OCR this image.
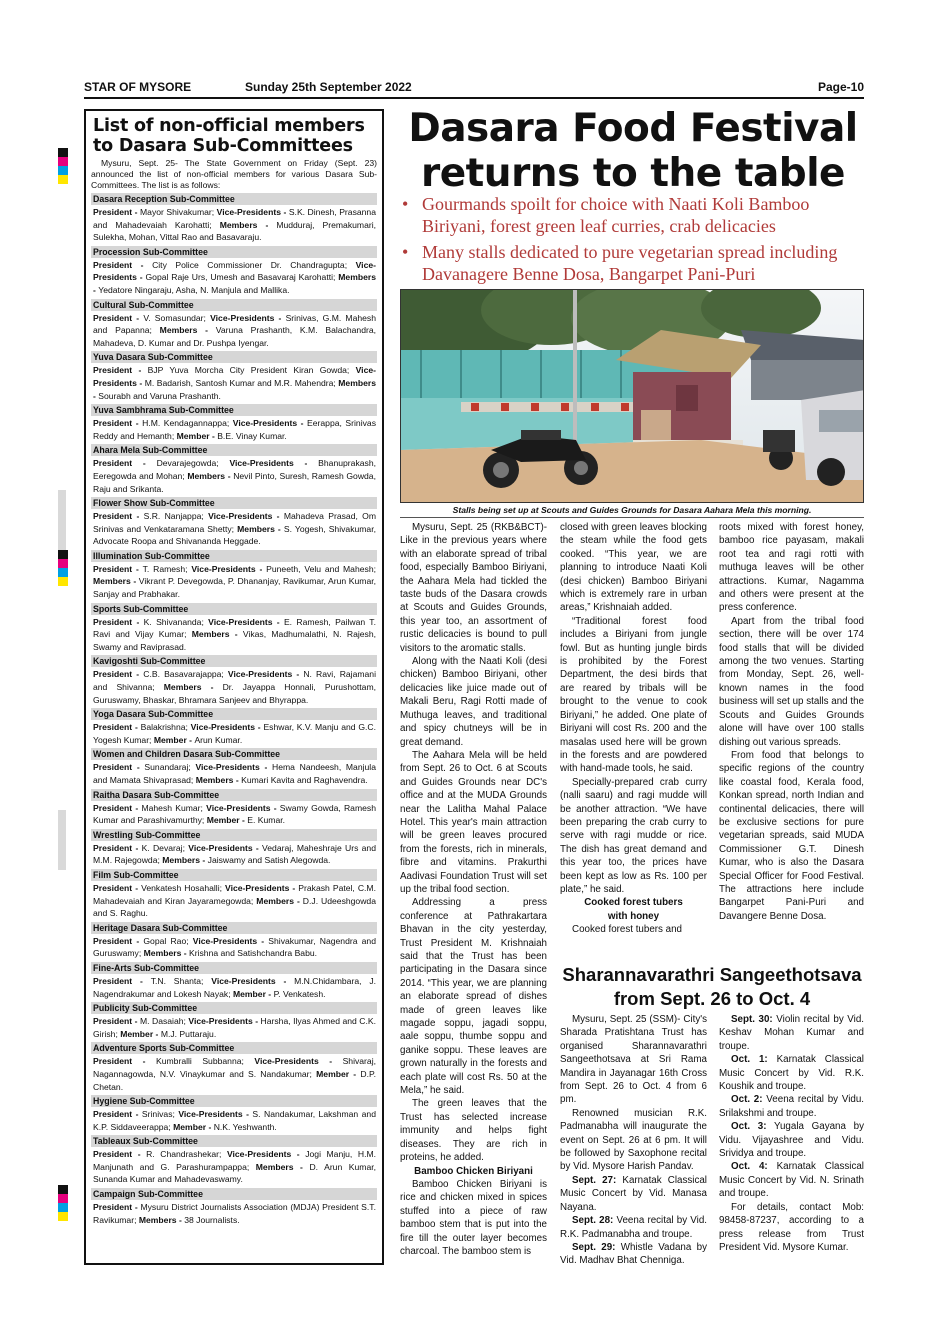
STAR OF MYSORE	Sunday 25th September 2022	Page-10
List of non-official members
to Dasara Sub-Committees

Mysuru, Sept. 25- The State Government on Friday (Sept. 23) announced the list of non-official members for various Dasara Sub-Committees. The list is as follows:

Dasara Reception Sub-Committee
President - Mayor Shivakumar; Vice-Presidents - S.K. Dinesh, Prasanna and Mahadevaiah Karohatti; Members - Mudduraj, Premakumari, Sulekha, Mohan, Vittal Rao and Basavaraju.
Procession Sub-Committee
President - City Police Commissioner Dr. Chandragupta; Vice-Presidents - Gopal Raje Urs, Umesh and Basavaraj Karohatti; Members - Yedatore Ningaraju, Asha, N. Manjula and Mallika.
Cultural Sub-Committee
President - V. Somasundar; Vice-Presidents - Srinivas, G.M. Mahesh and Papanna; Members - Varuna Prashanth, K.M. Balachandra, Mahadeva, D. Kumar and Dr. Pushpa Iyengar.
Yuva Dasara Sub-Committee
President - BJP Yuva Morcha City President Kiran Gowda; Vice-Presidents - M. Badarish, Santosh Kumar and M.R. Mahendra; Members - Sourabh and Varuna Prashanth.
Yuva Sambhrama Sub-Committee
President - H.M. Kendagannappa; Vice-Presidents - Eerappa, Srinivas Reddy and Hemanth; Member - B.E. Vinay Kumar.
Ahara Mela Sub-Committee
President - Devarajegowda; Vice-Presidents - Bhanuprakash, Eeregowda and Mohan; Members - Nevil Pinto, Suresh, Ramesh Gowda, Raju and Srikanta.
Flower Show Sub-Committee
President - S.R. Nanjappa; Vice-Presidents - Mahadeva Prasad, Om Srinivas and Venkataramana Shetty; Members - S. Yogesh, Shivakumar, Advocate Roopa and Shivananda Heggade.
Illumination Sub-Committee
President - T. Ramesh; Vice-Presidents - Puneeth, Velu and Mahesh; Members - Vikrant P. Devegowda, P. Dhananjay, Ravikumar, Arun Kumar, Sanjay and Prabhakar.
Sports Sub-Committee
President - K. Shivananda; Vice-Presidents - E. Ramesh, Pailwan T. Ravi and Vijay Kumar; Members - Vikas, Madhumalathi, N. Rajesh, Swamy and Raviprasad.
Kavigoshti Sub-Committee
President - C.B. Basavarajappa; Vice-Presidents - N. Ravi, Rajamani and Shivanna; Members - Dr. Jayappa Honnali, Purushottam, Guruswamy, Bhaskar, Bhramara Sanjeev and Bhyrappa.
Yoga Dasara Sub-Committee
President - Balakrishna; Vice-Presidents - Eshwar, K.V. Manju and G.C. Yogesh Kumar; Member - Arun Kumar.
Women and Children Dasara Sub-Committee
President - Sunandaraj; Vice-Presidents - Hema Nandeesh, Manjula and Mamata Shivaprasad; Members - Kumari Kavita and Raghavendra.
Raitha Dasara Sub-Committee
President - Mahesh Kumar; Vice-Presidents - Swamy Gowda, Ramesh Kumar and Parashivamurthy; Member - E. Kumar.
Wrestling Sub-Committee
President - K. Devaraj; Vice-Presidents - Vedaraj, Maheshraje Urs and M.M. Rajegowda; Members - Jaiswamy and Satish Alegowda.
Film Sub-Committee
President - Venkatesh Hosahalli; Vice-Presidents - Prakash Patel, C.M. Mahadevaiah and Kiran Jayaramegowda; Members - D.J. Udeeshgowda and S. Raghu.
Heritage Dasara Sub-Committee
President - Gopal Rao; Vice-Presidents - Shivakumar, Nagendra and Guruswamy; Members - Krishna and Satishchandra Babu.
Fine-Arts Sub-Committee
President - T.N. Shanta; Vice-Presidents - M.N.Chidambara, J. Nagendrakumar and Lokesh Nayak; Member - P. Venkatesh.
Publicity Sub-Committee
President - M. Dasaiah; Vice-Presidents - Harsha, Ilyas Ahmed and C.K. Girish; Member - M.J. Puttaraju.
Adventure Sports Sub-Committee
President - Kumbralli Subbanna; Vice-Presidents - Shivaraj, Nagannagowda, N.V. Vinaykumar and S. Nandakumar; Member - D.P. Chetan.
Hygiene Sub-Committee
President - Srinivas; Vice-Presidents - S. Nandakumar, Lakshman and K.P. Siddaveerappa; Member - N.K. Yeshwanth.
Tableaux Sub-Committee
President - R. Chandrashekar; Vice-Presidents - Jogi Manju, H.M. Manjunath and G. Parashurampappa; Members - D. Arun Kumar, Sunanda Kumar and Mahadevaswamy.
Campaign Sub-Committee
President - Mysuru District Journalists Association (MDJA) President S.T. Ravikumar; Members - 38 Journalists.
Dasara Food Festival
returns to the table
• Gourmands spoilt for choice with Naati Koli Bamboo Biriyani, forest green leaf curries, crab delicacies
• Many stalls dedicated to pure vegetarian spread including Davanagere Benne Dosa, Bangarpet Pani-Puri
Stalls being set up at Scouts and Guides Grounds for Dasara Aahara Mela this morning.

Mysuru, Sept. 25 (RKB&BCT)- Like in the previous years where with an elaborate spread of tribal food, especially Bamboo Biriyani, the Aahara Mela had tickled the taste buds of the Dasara crowds at Scouts and Guides Grounds, this year too, an assortment of rustic delicacies is bound to pull visitors to the aromatic stalls.

Along with the Naati Koli (desi chicken) Bamboo Biriyani, other delicacies like juice made out of Makali Beru, Ragi Rotti made of Muthuga leaves, and traditional and spicy chutneys will be in great demand.

The Aahara Mela will be held from Sept. 26 to Oct. 6 at Scouts and Guides Grounds near DC's office and at the MUDA Grounds near the Lalitha Mahal Palace Hotel. This year's main attraction will be green leaves procured from the forests, rich in minerals, fibre and vitamins. Prakurthi Aadivasi Foundation Trust will set up the tribal food section.

Addressing a press conference at Pathrakartara Bhavan in the city yesterday, Trust President M. Krishnaiah said that the Trust has been participating in the Dasara since 2014. “This year, we are planning an elaborate spread of dishes made of green leaves like magade soppu, jagadi soppu, aale soppu, thumbe soppu and ganike soppu. These leaves are grown naturally in the forests and each plate will cost Rs. 50 at the Mela,” he said.

The green leaves that the Trust has selected increase immunity and helps fight diseases. They are rich in proteins, he added.

Bamboo Chicken Biriyani

Bamboo Chicken Biriyani is rice and chicken mixed in spices stuffed into a piece of raw bamboo stem that is put into the fire till the outer layer becomes charcoal. The bamboo stem is

closed with green leaves blocking the steam while the food gets cooked. “This year, we are planning to introduce Naati Koli (desi chicken) Bamboo Biriyani which is extremely rare in urban areas,” Krishnaiah added.

“Traditional forest food includes a Biriyani from jungle fowl. But as hunting jungle birds is prohibited by the Forest Department, the desi birds that are reared by tribals will be brought to the venue to cook Biriyani,” he added. One plate of Biriyani will cost Rs. 200 and the masalas used here will be grown in the forests and are powdered with hand-made tools, he said.

Specially-prepared crab curry (nalli saaru) and ragi mudde will be another attraction. “We have been preparing the crab curry to serve with ragi mudde or rice. The dish has great demand and this year too, the prices have been kept as low as Rs. 100 per plate,” he said.

Cooked forest tubers

with honey

Cooked forest tubers and

roots mixed with forest honey, bamboo rice payasam, makali root tea and ragi rotti with muthuga leaves will be other attractions. Kumar, Nagamma and others were present at the press conference.

Apart from the tribal food section, there will be over 174 food stalls that will be divided among the two venues. Starting from Monday, Sept. 26, well-known names in the food business will set up stalls and the Scouts and Guides Grounds alone will have over 100 stalls dishing out various spreads.

From food that belongs to specific regions of the country like coastal food, Kerala food, Konkan spread, north Indian and continental delicacies, there will be exclusive sections for pure vegetarian spreads, said MUDA Commissioner G.T. Dinesh Kumar, who is also the Dasara Special Officer for Food Festival. The attractions here include Bangarpet Pani-Puri and Davangere Benne Dosa.

Sharannavarathri Sangeethotsava
from Sept. 26 to Oct. 4

Mysuru, Sept. 25 (SSM)- City's Sharada Pratishtana Trust has organised Sharannavarathri Sangeethotsava at Sri Rama Mandira in Jayanagar 16th Cross from Sept. 26 to Oct. 4 from 6 pm.

Renowned musician R.K. Padmanabha will inaugurate the event on Sept. 26 at 6 pm. It will be followed by Saxophone recital by Vid. Mysore Harish Pandav.

Sept. 27: Karnatak Classical Music Concert by Vid. Manasa Nayana.

Sept. 28: Veena recital by Vid. R.K. Padmanabha and troupe.

Sept. 29: Whistle Vadana by Vid. Madhav Bhat Chenniga.

Sept. 30: Violin recital by Vid. Keshav Mohan Kumar and troupe.

Oct. 1: Karnatak Classical Music Concert by Vid. R.K. Koushik and troupe.

Oct. 2: Veena recital by Vidu. Srilakshmi and troupe.

Oct. 3: Yugala Gayana by Vidu. Vijayashree and Vidu. Srividya and troupe.

Oct. 4: Karnatak Classical Music Concert by Vid. N. Srinath and troupe.

For details, contact Mob: 98458-87237, according to a press release from Trust President Vid. Mysore Kumar.
